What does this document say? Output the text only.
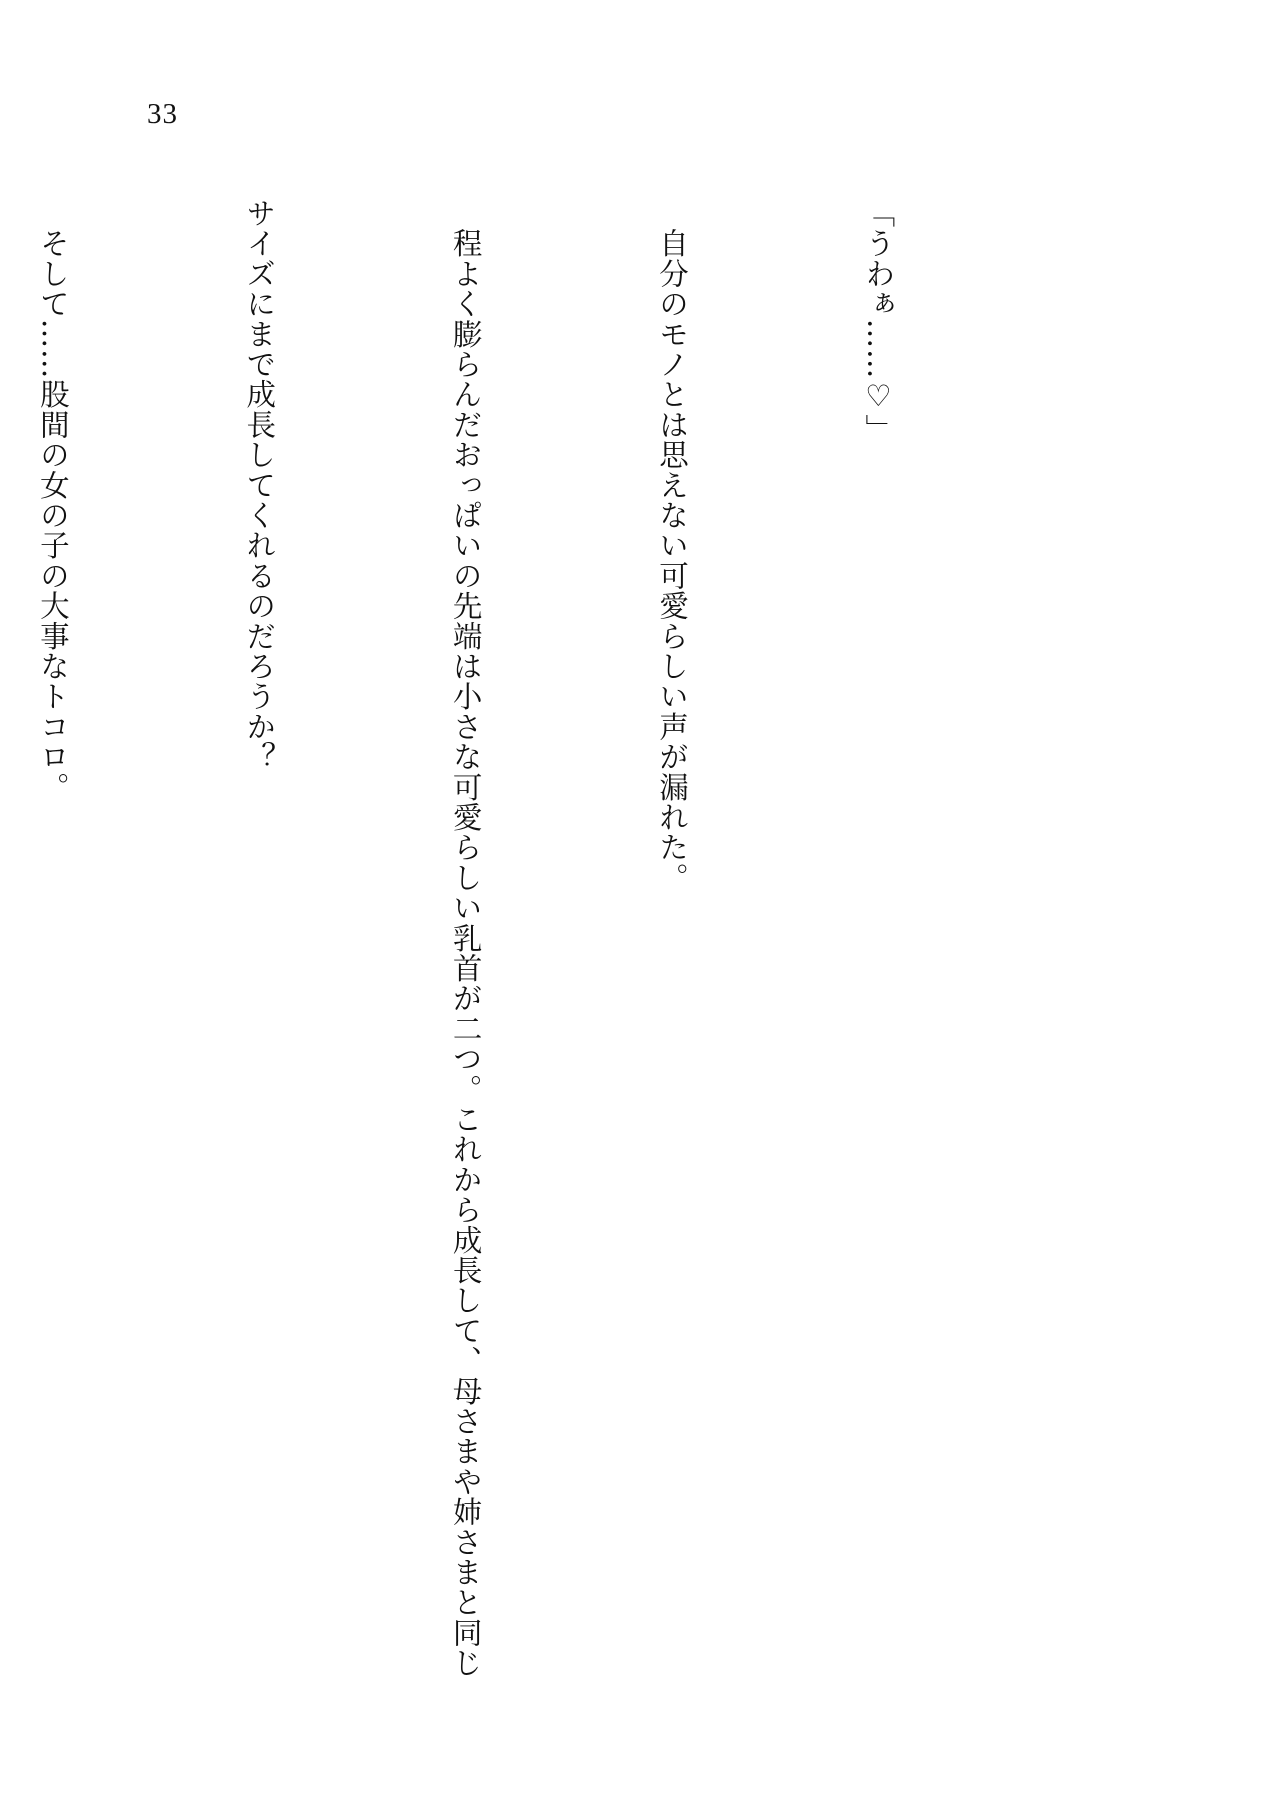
33

「うわぁ……♡」

　自分のモノとは思えない可愛らしい声が漏れた。

　程よく膨らんだおっぱいの先端は小さな可愛らしい乳首が二つ。これから成長して、母さまや姉さまと同じ

サイズにまで成長してくれるのだろうか？

　そして……股間の女の子の大事なトコロ。
